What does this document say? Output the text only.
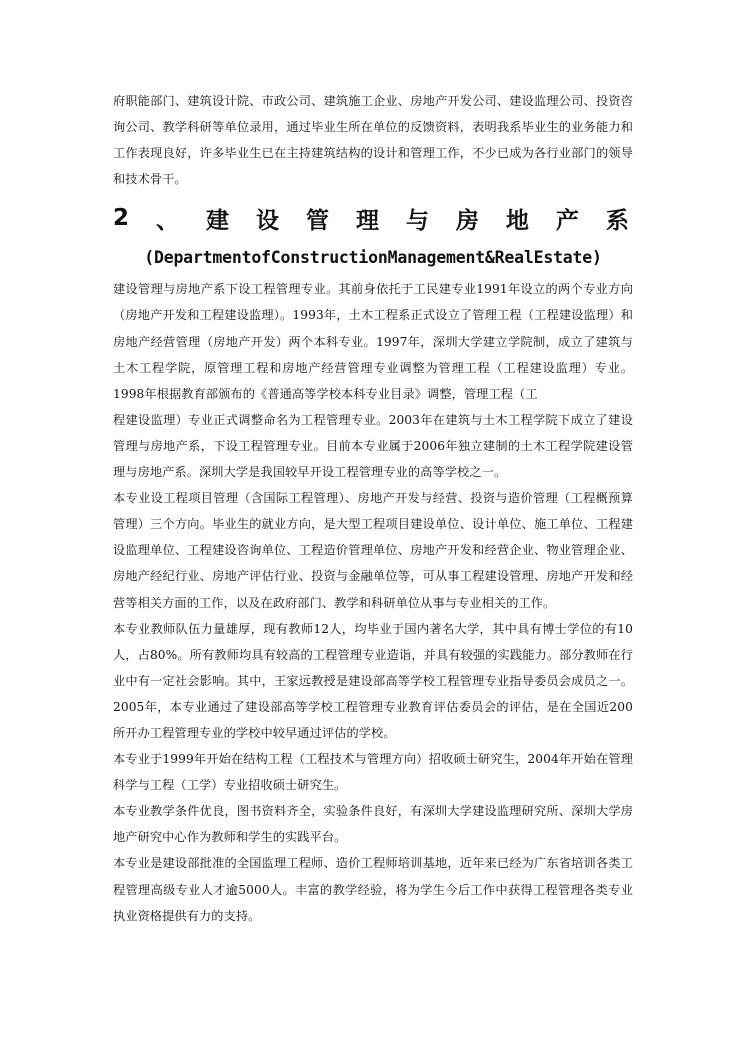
府职能部门、建筑设计院、市政公司、建筑施工企业、房地产开发公司、建设监理公司、投资咨询公司、教学科研等单位录用，通过毕业生所在单位的反馈资料，表明我系毕业生的业务能力和工作表现良好，许多毕业生已在主持建筑结构的设计和管理工作，不少已成为各行业部门的领导和技术骨干。

2 、 建 设 管 理 与 房 地 产 系
(DepartmentofConstructionManagement&RealEstate)

建设管理与房地产系下设工程管理专业。其前身依托于工民建专业1991年设立的两个专业方向（房地产开发和工程建设监理）。1993年，土木工程系正式设立了管理工程（工程建设监理）和房地产经营管理（房地产开发）两个本科专业。1997年，深圳大学建立学院制，成立了建筑与土木工程学院，原管理工程和房地产经营管理专业调整为管理工程（工程建设监理）专业。1998年根据教育部颁布的《普通高等学校本科专业目录》调整，管理工程（工

程建设监理）专业正式调整命名为工程管理专业。2003年在建筑与土木工程学院下成立了建设管理与房地产系，下设工程管理专业。目前本专业属于2006年独立建制的土木工程学院建设管理与房地产系。深圳大学是我国较早开设工程管理专业的高等学校之一。

本专业设工程项目管理（含国际工程管理）、房地产开发与经营、投资与造价管理（工程概预算管理）三个方向。毕业生的就业方向，是大型工程项目建设单位、设计单位、施工单位、工程建设监理单位、工程建设咨询单位、工程造价管理单位、房地产开发和经营企业、物业管理企业、房地产经纪行业、房地产评估行业、投资与金融单位等，可从事工程建设管理、房地产开发和经营等相关方面的工作，以及在政府部门、教学和科研单位从事与专业相关的工作。

本专业教师队伍力量雄厚，现有教师12人，均毕业于国内著名大学，其中具有博士学位的有10人，占80%。所有教师均具有较高的工程管理专业造诣，并具有较强的实践能力。部分教师在行业中有一定社会影响。其中，王家远教授是建设部高等学校工程管理专业指导委员会成员之一。2005年，本专业通过了建设部高等学校工程管理专业教育评估委员会的评估，是在全国近200所开办工程管理专业的学校中较早通过评估的学校。

本专业于1999年开始在结构工程（工程技术与管理方向）招收硕士研究生，2004年开始在管理科学与工程（工学）专业招收硕士研究生。

本专业教学条件优良，图书资料齐全，实验条件良好，有深圳大学建设监理研究所、深圳大学房地产研究中心作为教师和学生的实践平台。

本专业是建设部批准的全国监理工程师、造价工程师培训基地，近年来已经为广东省培训各类工程管理高级专业人才逾5000人。丰富的教学经验，将为学生今后工作中获得工程管理各类专业执业资格提供有力的支持。
